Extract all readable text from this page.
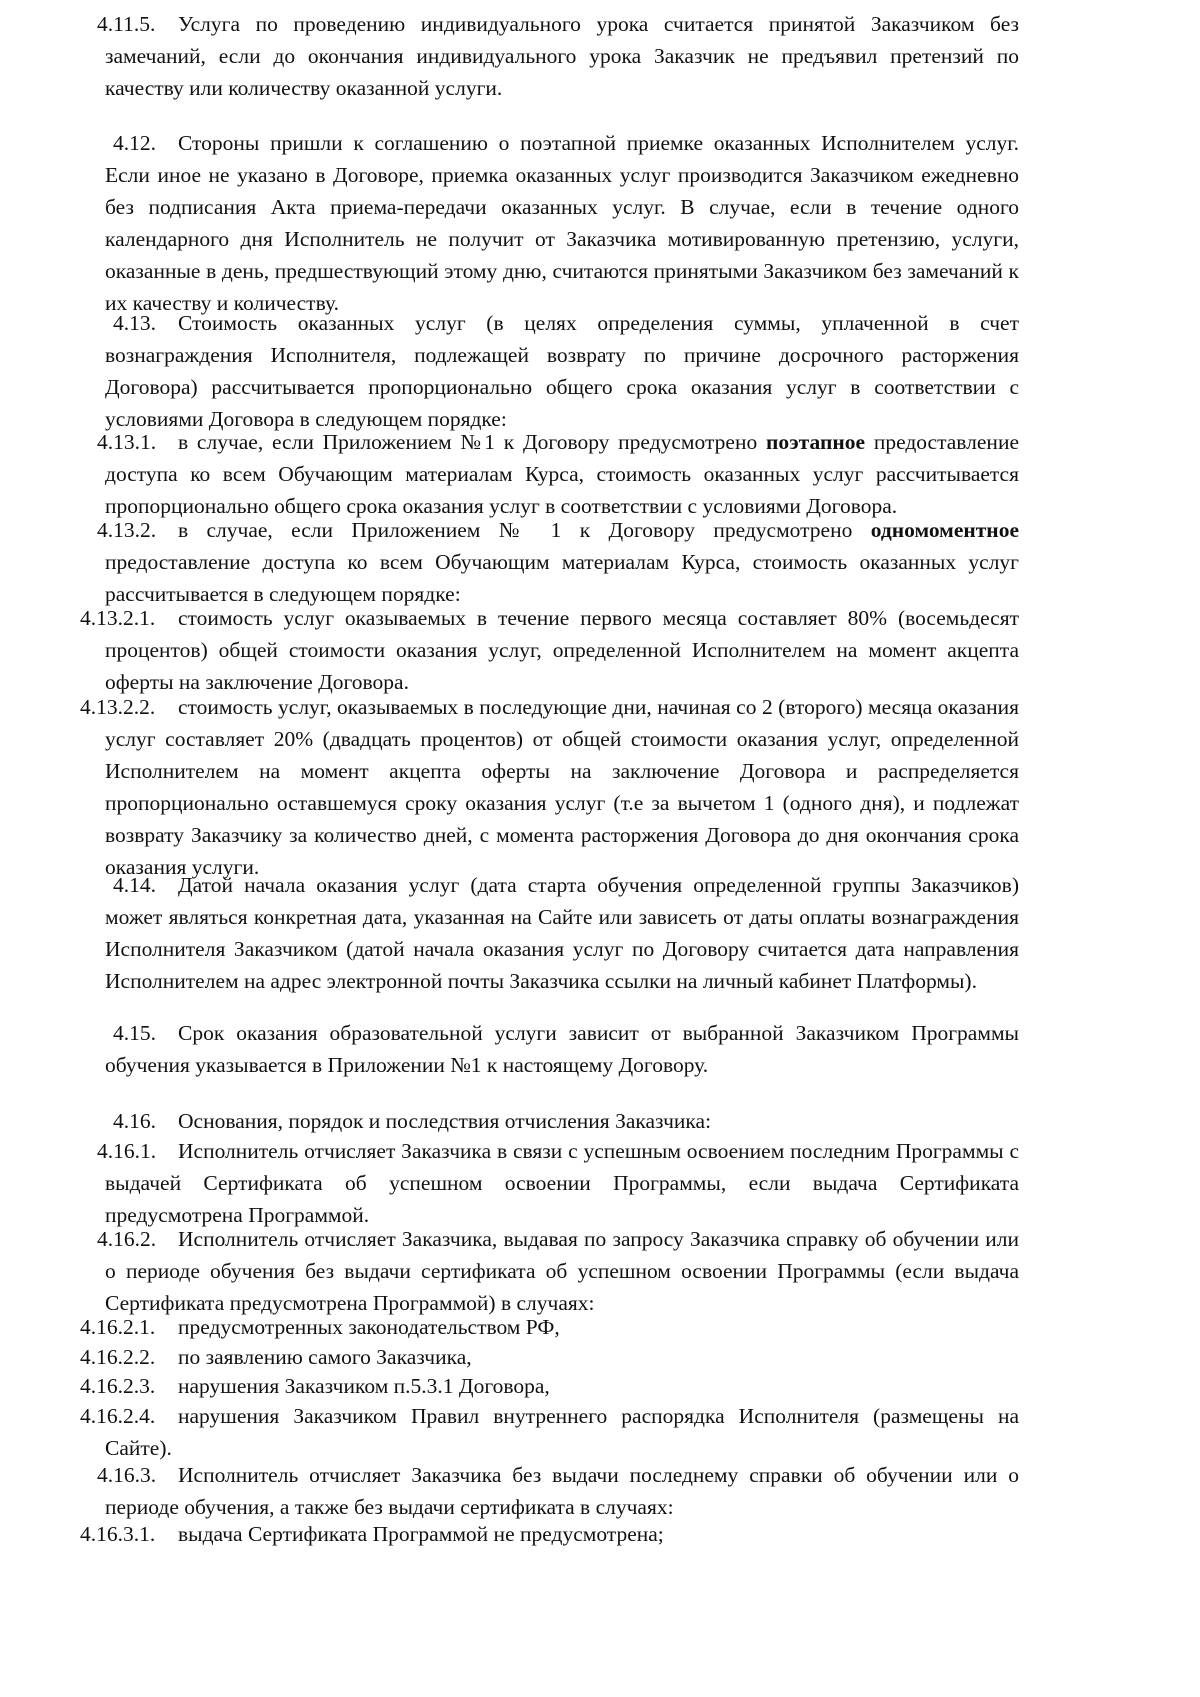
4.11.5.	Услуга по проведению индивидуального урока считается принятой Заказчиком без замечаний, если до окончания индивидуального урока Заказчик не предъявил претензий по качеству или количеству оказанной услуги.
4.12.	Стороны пришли к соглашению о поэтапной приемке оказанных Исполнителем услуг. Если иное не указано в Договоре, приемка оказанных услуг производится Заказчиком ежедневно без подписания Акта приема-передачи оказанных услуг. В случае, если в течение одного календарного дня Исполнитель не получит от Заказчика мотивированную претензию, услуги, оказанные в день, предшествующий этому дню, считаются принятыми Заказчиком без замечаний к их качеству и количеству.
4.13.	Стоимость оказанных услуг (в целях определения суммы, уплаченной в счет вознаграждения Исполнителя, подлежащей возврату по причине досрочного расторжения Договора) рассчитывается пропорционально общего срока оказания услуг в соответствии с условиями Договора в следующем порядке:
4.13.1.	в случае, если Приложением №1 к Договору предусмотрено поэтапное предоставление доступа ко всем Обучающим материалам Курса, стоимость оказанных услуг рассчитывается пропорционально общего срока оказания услуг в соответствии с условиями Договора.
4.13.2.	в случае, если Приложением № 1 к Договору предусмотрено одномоментное предоставление доступа ко всем Обучающим материалам Курса, стоимость оказанных услуг рассчитывается в следующем порядке:
4.13.2.1.	стоимость услуг оказываемых в течение первого месяца составляет 80% (восемьдесят процентов) общей стоимости оказания услуг, определенной Исполнителем на момент акцепта оферты на заключение Договора.
4.13.2.2.	стоимость услуг, оказываемых в последующие дни, начиная со 2 (второго) месяца оказания услуг составляет 20% (двадцать процентов) от общей стоимости оказания услуг, определенной Исполнителем на момент акцепта оферты на заключение Договора и распределяется пропорционально оставшемуся сроку оказания услуг (т.е за вычетом 1 (одного дня), и подлежат возврату Заказчику за количество дней, с момента расторжения Договора до дня окончания срока оказания услуги.
4.14.	Датой начала оказания услуг (дата старта обучения определенной группы Заказчиков) может являться конкретная дата, указанная на Сайте или зависеть от даты оплаты вознаграждения Исполнителя Заказчиком (датой начала оказания услуг по Договору считается дата направления Исполнителем на адрес электронной почты Заказчика ссылки на личный кабинет Платформы).
4.15.	Срок оказания образовательной услуги зависит от выбранной Заказчиком Программы обучения указывается в Приложении №1 к настоящему Договору.
4.16.	Основания, порядок и последствия отчисления Заказчика:
4.16.1.	Исполнитель отчисляет Заказчика в связи с успешным освоением последним Программы с выдачей Сертификата об успешном освоении Программы, если выдача Сертификата предусмотрена Программой.
4.16.2.	Исполнитель отчисляет Заказчика, выдавая по запросу Заказчика справку об обучении или о периоде обучения без выдачи сертификата об успешном освоении Программы (если выдача Сертификата предусмотрена Программой) в случаях:
4.16.2.1.	предусмотренных законодательством РФ,
4.16.2.2.	по заявлению самого Заказчика,
4.16.2.3.	нарушения Заказчиком п.5.3.1 Договора,
4.16.2.4.	нарушения Заказчиком Правил внутреннего распорядка Исполнителя (размещены на Сайте).
4.16.3.	Исполнитель отчисляет Заказчика без выдачи последнему справки об обучении или о периоде обучения, а также без выдачи сертификата в случаях:
4.16.3.1.	выдача Сертификата Программой не предусмотрена;
